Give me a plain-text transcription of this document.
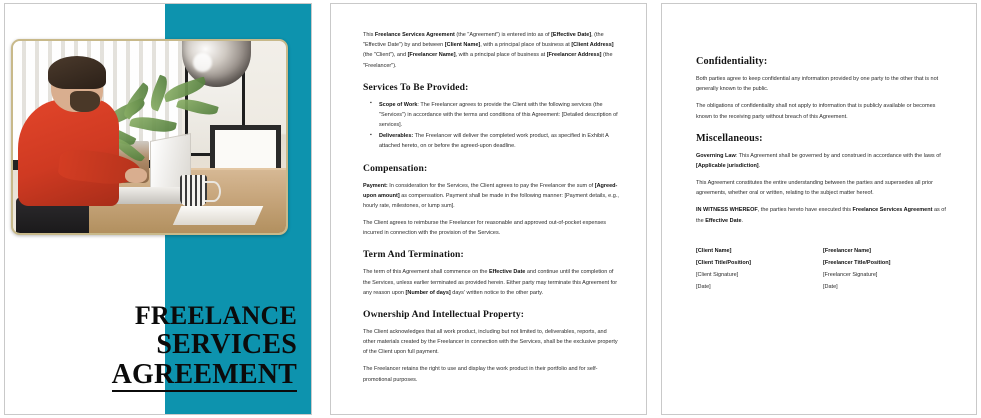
FREELANCE
SERVICES
AGREEMENT

This Freelance Services Agreement (the "Agreement") is entered into as of [Effective Date], (the "Effective Date") by and between [Client Name], with a principal place of business at [Client Address] (the "Client"), and [Freelancer Name], with a principal place of business at [Freelancer Address] (the "Freelancer").

Services To Be Provided:
▪ Scope of Work: The Freelancer agrees to provide the Client with the following services (the "Services") in accordance with the terms and conditions of this Agreement: [Detailed description of services].
▪ Deliverables: The Freelancer will deliver the completed work product, as specified in Exhibit A attached hereto, on or before the agreed-upon deadline.
Compensation:

Payment: In consideration for the Services, the Client agrees to pay the Freelancer the sum of [Agreed-upon amount] as compensation. Payment shall be made in the following manner: [Payment details, e.g., hourly rate, milestones, or lump sum].

The Client agrees to reimburse the Freelancer for reasonable and approved out-of-pocket expenses incurred in connection with the provision of the Services.

Term And Termination:

The term of this Agreement shall commence on the Effective Date and continue until the completion of the Services, unless earlier terminated as provided herein. Either party may terminate this Agreement for any reason upon [Number of days] days' written notice to the other party.

Ownership And Intellectual Property:

The Client acknowledges that all work product, including but not limited to, deliverables, reports, and other materials created by the Freelancer in connection with the Services, shall be the exclusive property of the Client upon full payment.

The Freelancer retains the right to use and display the work product in their portfolio and for self-promotional purposes.

Confidentiality:

Both parties agree to keep confidential any information provided by one party to the other that is not generally known to the public.

The obligations of confidentiality shall not apply to information that is publicly available or becomes known to the receiving party without breach of this Agreement.

Miscellaneous:

Governing Law: This Agreement shall be governed by and construed in accordance with the laws of [Applicable jurisdiction].

This Agreement constitutes the entire understanding between the parties and supersedes all prior agreements, whether oral or written, relating to the subject matter hereof.

IN WITNESS WHEREOF, the parties hereto have executed this Freelance Services Agreement as of the Effective Date.

[Client Name]
[Client Title/Position]
[Client Signature]
[Date]
[Freelancer Name]
[Freelancer Title/Position]
[Freelancer Signature]
[Date]
